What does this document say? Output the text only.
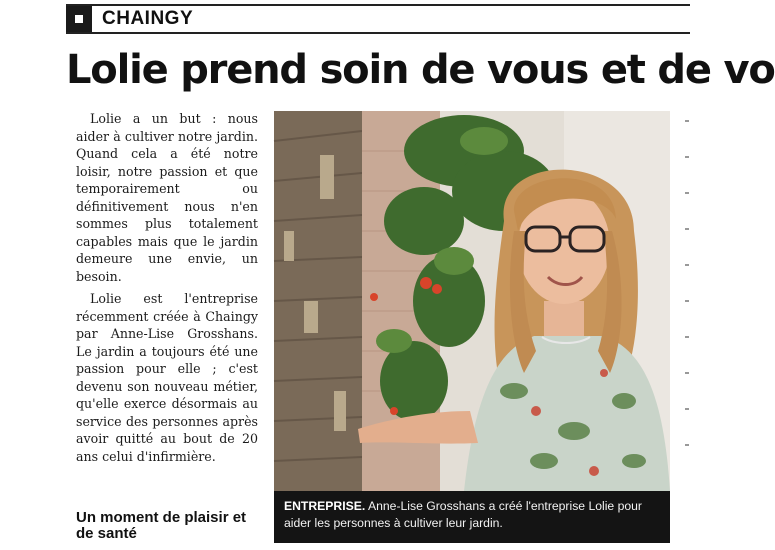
CHAINGY
Lolie prend soin de vous et de vo

Lolie a un but : nous aider à cultiver notre jardin. Quand cela a été notre loisir, notre passion et que temporairement ou définitivement nous n'en sommes plus totalement capables mais que le jardin demeure une envie, un besoin.

Lolie est l'entreprise récemment créée à Chaingy par Anne-Lise Grosshans. Le jardin a toujours été une passion pour elle ; c'est devenu son nouveau métier, qu'elle exerce désormais au service des personnes après avoir quitté au bout de 20 ans celui d'infirmière.

Un moment de plaisir et de santé
ENTREPRISE. Anne-Lise Grosshans a créé l'entreprise Lolie pour aider les personnes à cultiver leur jardin.
